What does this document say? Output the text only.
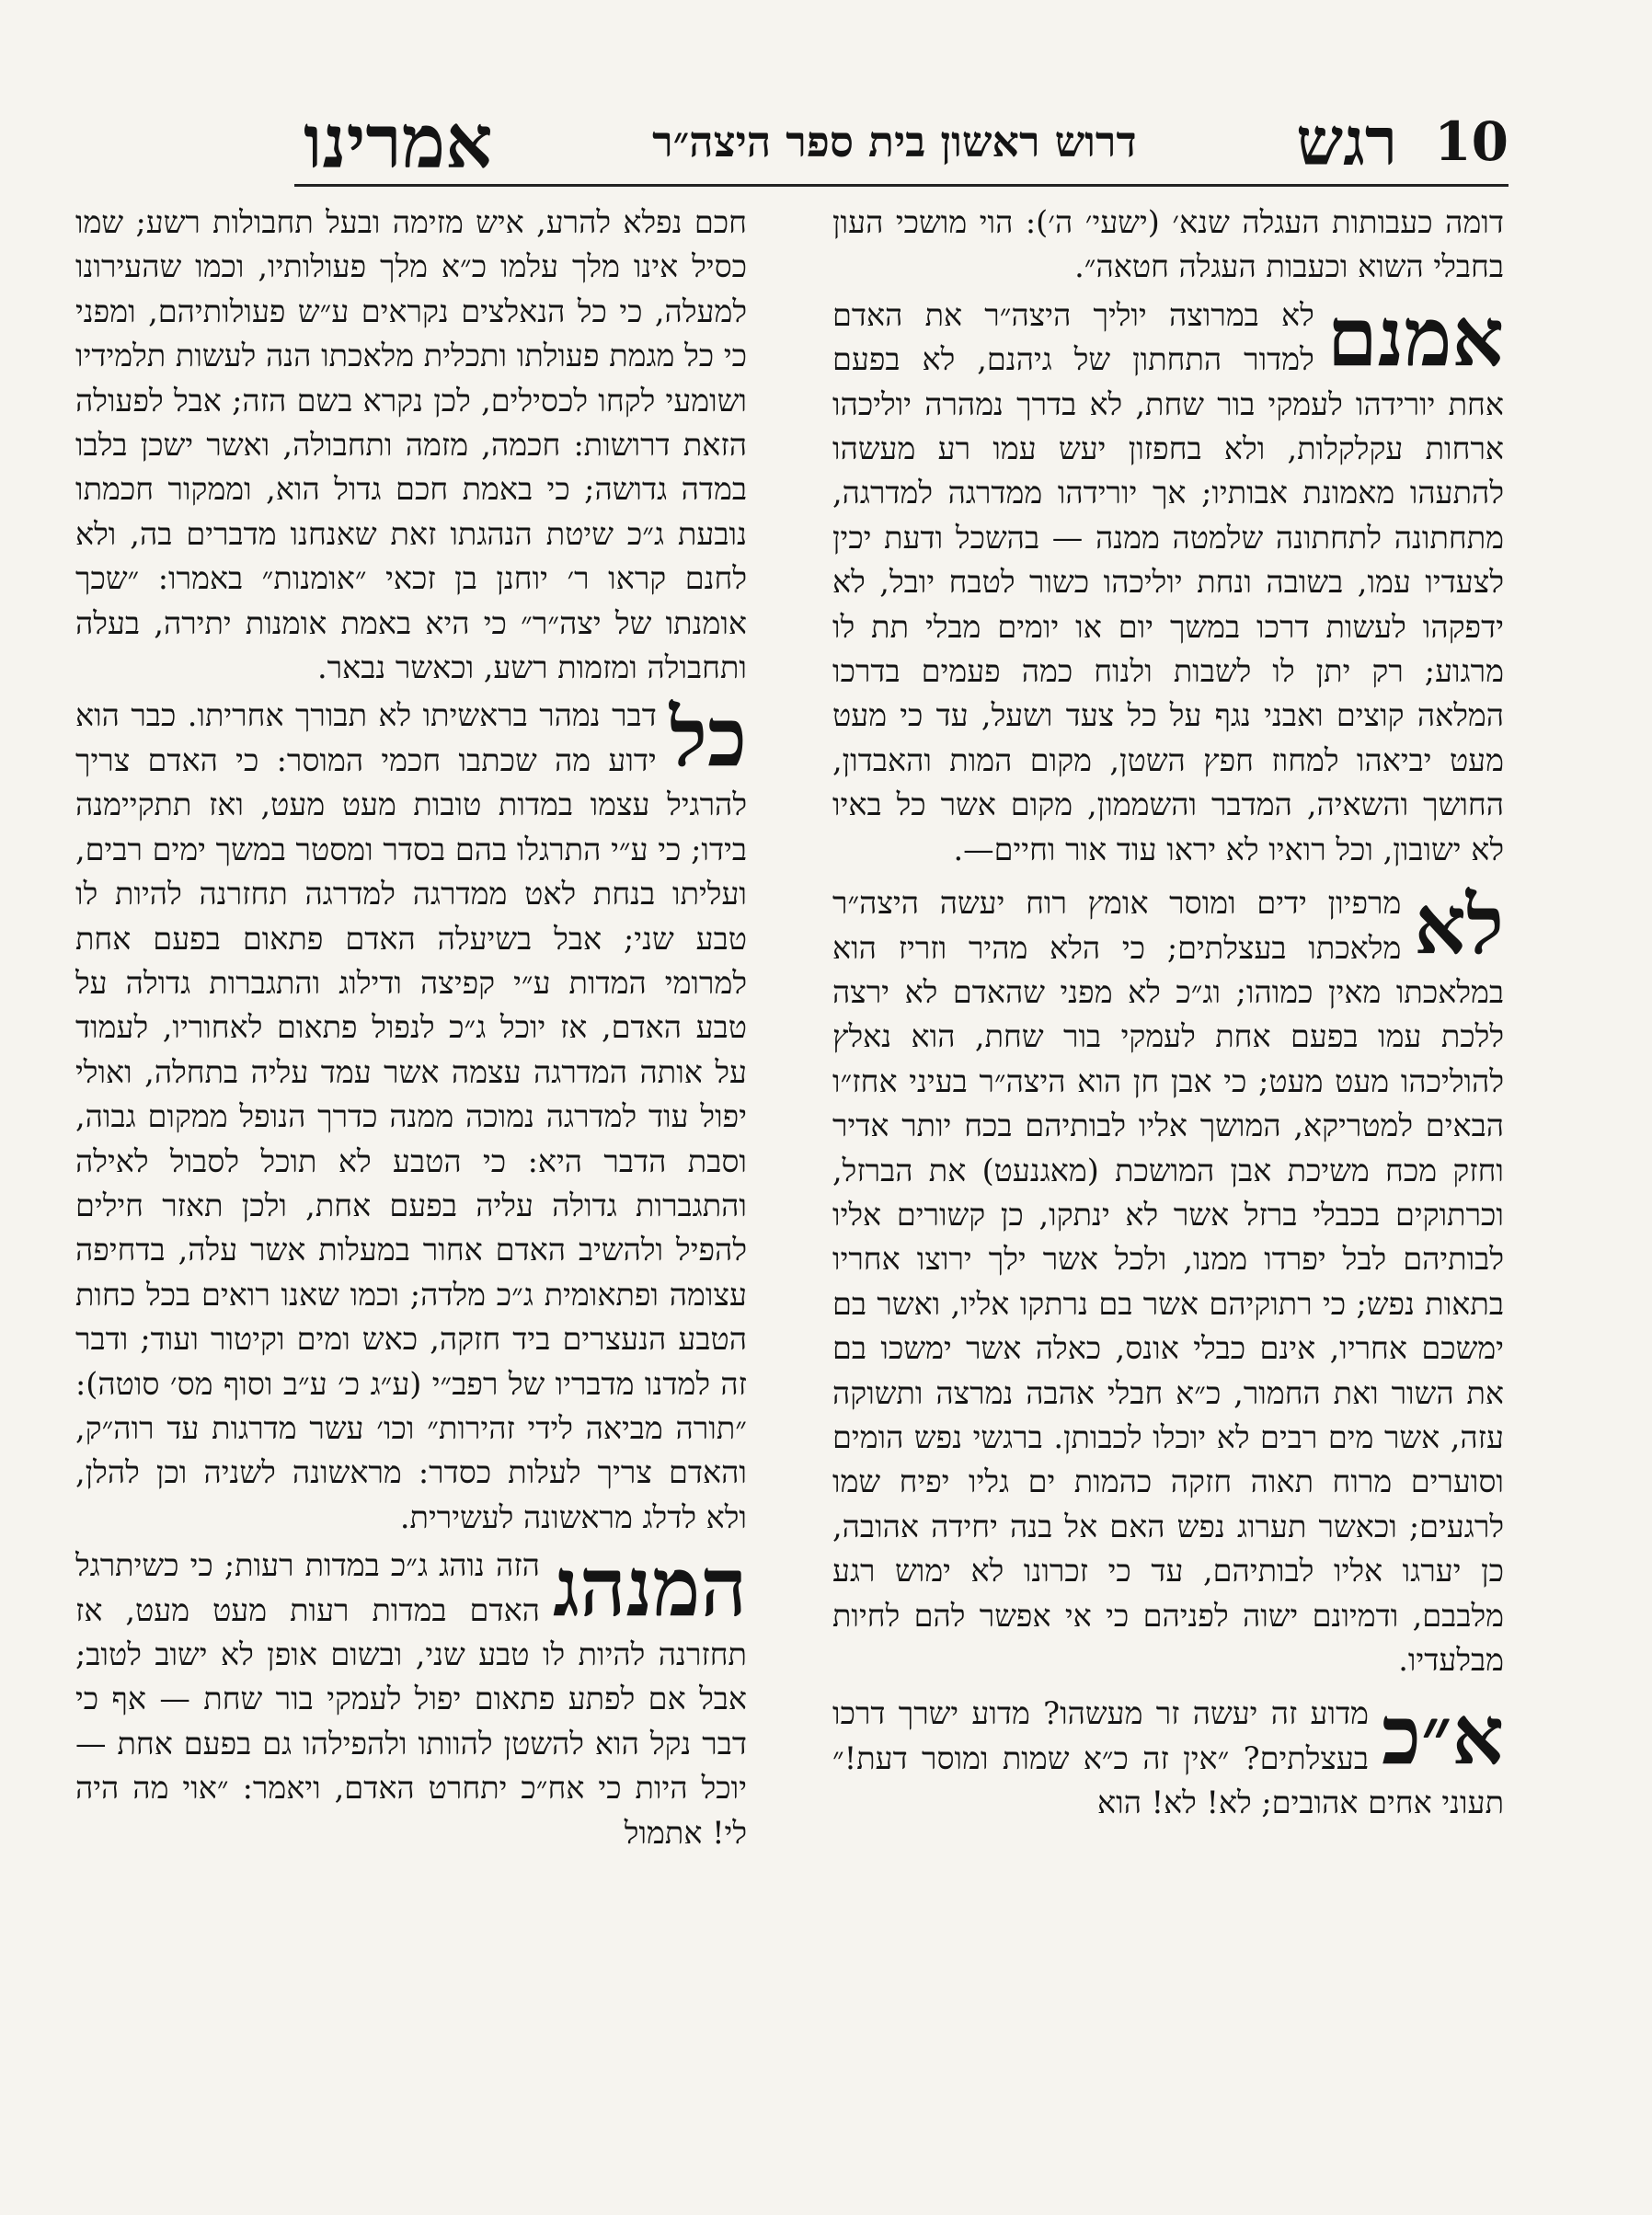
10
רגש
דרוש ראשון בית ספר היצה״ר
אמרינו

דומה כעבותות העגלה שנא׳ (ישעי׳ ה׳): הוי מושכי העון בחבלי השוא וכעבות העגלה חטאה״.

אמנם
לא במרוצה יוליך היצה״ר את האדם למדור התחתון של גיהנם, לא בפעם אחת יורידהו לעמקי בור שחת, לא בדרך נמהרה יוליכהו ארחות עקלקלות, ולא בחפזון יעש עמו רע מעשהו להתעהו מאמונת אבותיו; אך יורידהו ממדרגה למדרגה, מתחתונה לתחתונה שלמטה ממנה — בהשכל ודעת יכין לצעדיו עמו, בשובה ונחת יוליכהו כשור לטבח יובל, לא ידפקהו לעשות דרכו במשך יום או יומים מבלי תת לו מרגוע; רק יתן לו לשבות ולנוח כמה פעמים בדרכו המלאה קוצים ואבני נגף על כל צעד ושעל, עד כי מעט מעט יביאהו למחוז חפץ השטן, מקום המות והאבדון, החושך והשאיה, המדבר והשממון, מקום אשר כל באיו לא ישובון, וכל רואיו לא יראו עוד אור וחיים—.

לא
מרפיון ידים ומוסר אומץ רוח יעשה היצה״ר מלאכתו בעצלתים; כי הלא מהיר וזריז הוא במלאכתו מאין כמוהו; וג״כ לא מפני שהאדם לא ירצה ללכת עמו בפעם אחת לעמקי בור שחת, הוא נאלץ להוליכהו מעט מעט; כי אבן חן הוא היצה״ר בעיני אחז״ו הבאים למטריקא, המושך אליו לבותיהם בכח יותר אדיר וחזק מכח משיכת אבן המושכת (מאגנעט) את הברזל, וכרתוקים בכבלי ברזל אשר לא ינתקו, כן קשורים אליו לבותיהם לבל יפרדו ממנו, ולכל אשר ילך ירוצו אחריו בתאות נפש; כי רתוקיהם אשר בם נרתקו אליו, ואשר בם ימשכם אחריו, אינם כבלי אונס, כאלה אשר ימשכו בם את השור ואת החמור, כ״א חבלי אהבה נמרצה ותשוקה עזה, אשר מים רבים לא יוכלו לכבותן. ברגשי נפש הומים וסוערים מרוח תאוה חזקה כהמות ים גליו יפיח שמו לרגעים; וכאשר תערוג נפש האם אל בנה יחידה אהובה, כן יערגו אליו לבותיהם, עד כי זכרונו לא ימוש רגע מלבבם, ודמיונם ישוה לפניהם כי אי אפשר להם לחיות מבלעדיו.

א״כ
מדוע זה יעשה זר מעשהו? מדוע ישרך דרכו בעצלתים? ״אין זה כ״א שמות ומוסר דעת!״ תעוני אחים אהובים; לא! לא! הוא

חכם נפלא להרע, איש מזימה ובעל תחבולות רשע; שמו כסיל אינו מלך עלמו כ״א מלך פעולותיו, וכמו שהעירונו למעלה, כי כל הנאלצים נקראים ע״ש פעולותיהם, ומפני כי כל מגמת פעולתו ותכלית מלאכתו הנה לעשות תלמידיו ושומעי לקחו לכסילים, לכן נקרא בשם הזה; אבל לפעולה הזאת דרושות: חכמה, מזמה ותחבולה, ואשר ישכן בלבו במדה גדושה; כי באמת חכם גדול הוא, וממקור חכמתו נובעת ג״כ שיטת הנהגתו זאת שאנחנו מדברים בה, ולא לחנם קראו ר׳ יוחנן בן זכאי ״אומנות״ באמרו: ״שכך אומנתו של יצה״ר״ כי היא באמת אומנות יתירה, בעלה ותחבולה ומזמות רשע, וכאשר נבאר.

כל
דבר נמהר בראשיתו לא תבורך אחריתו. כבר הוא ידוע מה שכתבו חכמי המוסר: כי האדם צריך להרגיל עצמו במדות טובות מעט מעט, ואז תתקיימנה בידו; כי ע״י התרגלו בהם בסדר ומסטר במשך ימים רבים, ועליתו בנחת לאט ממדרגה למדרגה תחזרנה להיות לו טבע שני; אבל בשיעלה האדם פתאום בפעם אחת למרומי המדות ע״י קפיצה ודילוג והתגברות גדולה על טבע האדם, אז יוכל ג״כ לנפול פתאום לאחוריו, לעמוד על אותה המדרגה עצמה אשר עמד עליה בתחלה, ואולי יפול עוד למדרגה נמוכה ממנה כדרך הנופל ממקום גבוה, וסבת הדבר היא: כי הטבע לא תוכל לסבול לאילה והתגברות גדולה עליה בפעם אחת, ולכן תאזר חילים להפיל ולהשיב האדם אחור במעלות אשר עלה, בדחיפה עצומה ופתאומית ג״כ מלדה; וכמו שאנו רואים בכל כחות הטבע הנעצרים ביד חזקה, כאש ומים וקיטור ועוד; ודבר זה למדנו מדבריו של רפב״י (ע״ג כ׳ ע״ב וסוף מס׳ סוטה): ״תורה מביאה לידי זהירות״ וכו׳ עשר מדרגות עד רוה״ק, והאדם צריך לעלות כסדר: מראשונה לשניה וכן להלן, ולא לדלג מראשונה לעשירית.

המנהג
הזה נוהג ג״כ במדות רעות; כי כשיתרגל האדם במדות רעות מעט מעט, אז תחזרנה להיות לו טבע שני, ובשום אופן לא ישוב לטוב; אבל אם לפתע פתאום יפול לעמקי בור שחת — אף כי דבר נקל הוא להשטן להוותו ולהפילהו גם בפעם אחת — יוכל היות כי אח״כ יתחרט האדם, ויאמר: ״אוי מה היה לי! אתמול
